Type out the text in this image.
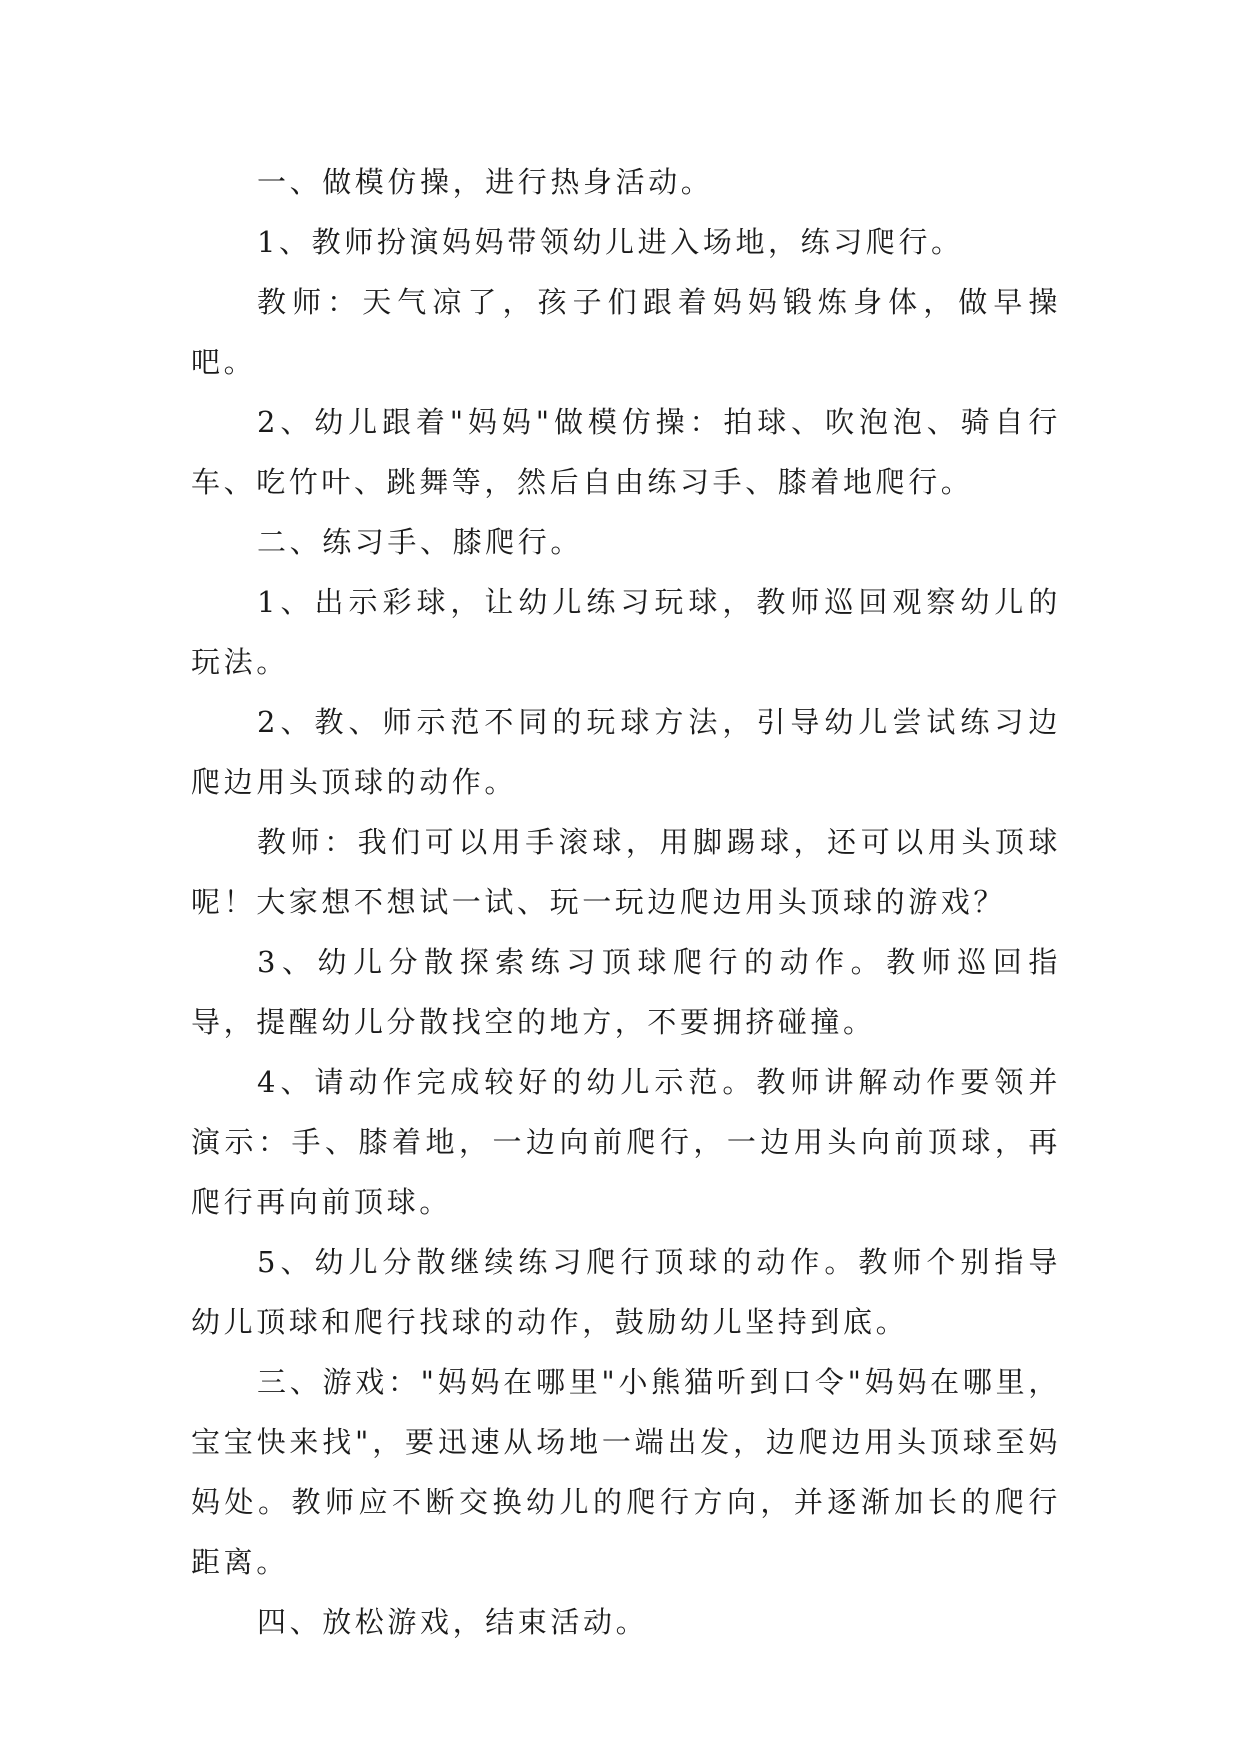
一、做模仿操，进行热身活动。

1、教师扮演妈妈带领幼儿进入场地，练习爬行。

教师：天气凉了，孩子们跟着妈妈锻炼身体，做早操吧。

2、幼儿跟着"妈妈"做模仿操：拍球、吹泡泡、骑自行车、吃竹叶、跳舞等，然后自由练习手、膝着地爬行。

二、练习手、膝爬行。

1、出示彩球，让幼儿练习玩球，教师巡回观察幼儿的玩法。

2、教、师示范不同的玩球方法，引导幼儿尝试练习边爬边用头顶球的动作。

教师：我们可以用手滚球，用脚踢球，还可以用头顶球呢！大家想不想试一试、玩一玩边爬边用头顶球的游戏？

3、幼儿分散探索练习顶球爬行的动作。教师巡回指导，提醒幼儿分散找空的地方，不要拥挤碰撞。

4、请动作完成较好的幼儿示范。教师讲解动作要领并演示：手、膝着地，一边向前爬行，一边用头向前顶球，再爬行再向前顶球。

5、幼儿分散继续练习爬行顶球的动作。教师个别指导幼儿顶球和爬行找球的动作，鼓励幼儿坚持到底。

三、游戏："妈妈在哪里"小熊猫听到口令"妈妈在哪里，宝宝快来找"，要迅速从场地一端出发，边爬边用头顶球至妈妈处。教师应不断交换幼儿的爬行方向，并逐渐加长的爬行距离。

四、放松游戏，结束活动。
